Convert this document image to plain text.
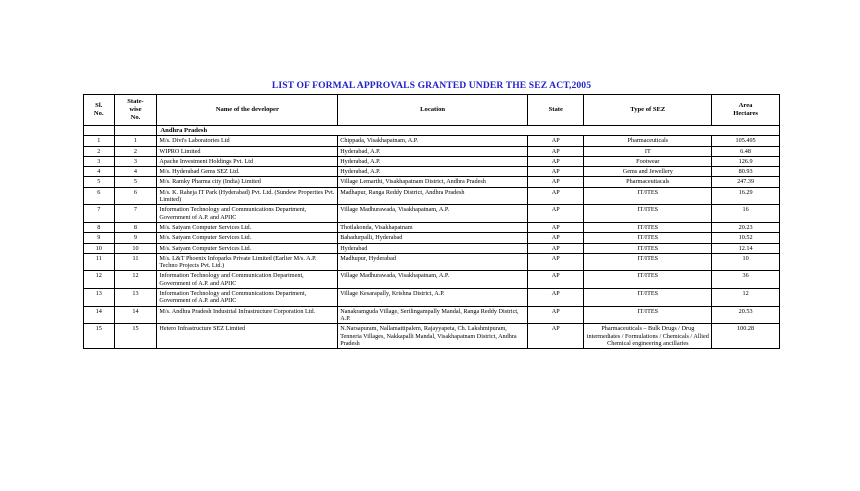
LIST OF FORMAL APPROVALS GRANTED UNDER THE SEZ ACT,2005
Sl.
No.	State-
wise
No.	Name of the developer	Location	State	Type of SEZ	Area
Hectares
		Andhra Pradesh				
1	1	M/s. Divi's Laboratories Ltd	Chippada, Visakhapatnam, A.P.	AP	Pharmaceuticals	105.495
2	2	WIPRO Limited	Hyderabad, A.P.	AP	IT	6.48
3	3	Apache Investment Holdings Pvt. Ltd	Hyderabad, A.P.	AP	Footwear	126.9
4	4	M/s. Hyderabad Gems SEZ Ltd.	Hyderabad, A.P.	AP	Gems and Jewellery	80.93
5	5	M/s. Ramky Pharma city (India) Limited	Village Lemarthi, Visakhapatnam District, Andhra Pradesh	AP	Pharmaceuitacals	247.39
6	6	M/s. K. Raheja IT Park (Hyderabad) Pvt. Ltd. (Sundew Properties Pvt. Limited)	Madhapur, Ranga Reddy District, Andhra Pradesh	AP	IT/ITES	16.29
7	7	Information Technology and Communications Department, Government of A.P. and APIIC	Village Madhurawada, Visakhapatnam, A.P.	AP	IT/ITES	16
8	8	M/s. Satyam Computer Services Ltd.	Thotlakonda, Visakhapatnam	AP	IT/ITES	20.23
9	9	M/s. Satyam Computer Services Ltd.	Bahadurpalli, Hyderabad	AP	IT/ITES	10.52
10	10	M/s. Satyam Computer Services Ltd.	Hyderabad	AP	IT/ITES	12.14
11	11	M/s. L&T Phoenix Infoparks Private Limited (Earlier M/s. A.P. Techno Projects Pvt. Ltd.)	Madhupur, Hyderabad	AP	IT/ITES	10
12	12	Information Technology and Communication Department, Government of A.P. and APIIC	Village Madhurawada, Visakhapatnam, A.P.	AP	IT/ITES	36
13	13	Information Technology and Communications Department, Government of A.P. and APIIC	Village Kesarapally, Krishna District, A.P.	AP	IT/ITES	12
14	14	M/s. Andhra Pradesh Industrial Infrastructure Corporation Ltd.	Nanakramguda Village, Serilingampally Mandal, Ranga Reddy District, A.P.	AP	IT/ITES	20.53
15	15	Hetero Infrastructure SEZ Limited	N.Narsapuram, Nallamattipalem, Rajayyapeta, Ch. Lakshmipuram, Tenneria Villages, Nakkapalli Mandal, Visakhapatnam District, Andhra Pradesh	AP	Pharmaceuticals – Bulk Drugs / Drug intermediates / Formulations / Chemicals / Allied Chemical engineering ancillaries	100.28
